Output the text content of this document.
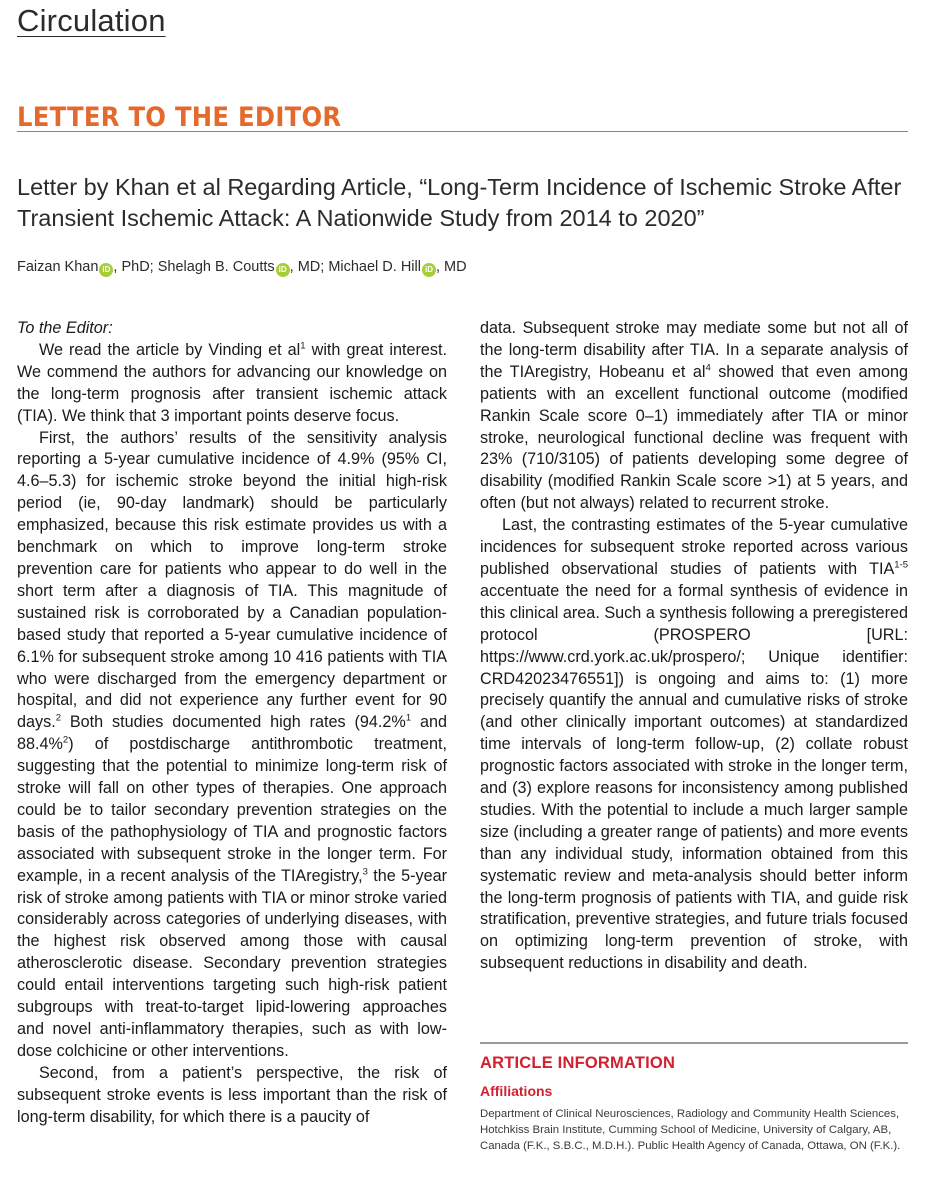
Circulation
LETTER TO THE EDITOR
Letter by Khan et al Regarding Article, “Long-Term Incidence of Ischemic Stroke After Transient Ischemic Attack: A Nationwide Study from 2014 to 2020”
Faizan Khan iD , PhD; Shelagh B. Coutts iD , MD; Michael D. Hill iD , MD

To the Editor:

We read the article by Vinding et $al^1$ with great interest. We commend the authors for advancing our knowledge on the long-term prognosis after transient ischemic attack (TIA). We think that 3 important points deserve focus.

First, the authors’ results of the sensitivity analysis reporting a 5-year cumulative incidence of 4.9% (95% CI, 4.6–5.3) for ischemic stroke beyond the initial high-risk period (ie, 90-day landmark) should be particularly emphasized, because this risk estimate provides us with a benchmark on which to improve long-term stroke prevention care for patients who appear to do well in the short term after a diagnosis of TIA. This magnitude of sustained risk is corroborated by a Canadian population-based study that reported a 5-year cumulative incidence of 6.1% for subsequent stroke among 10 416 patients with TIA who were discharged from the emergency department or hospital, and did not experience any further event for 90 days.$^2$ Both studies documented high rates (94.2%$^1$ and 88.4%$^2$) of postdischarge antithrombotic treatment, suggesting that the potential to minimize long-term risk of stroke will fall on other types of therapies. One approach could be to tailor secondary prevention strategies on the basis of the pathophysiology of TIA and prognostic factors associated with subsequent stroke in the longer term. For example, in a recent analysis of the TIAregistry,$^3$ the 5-year risk of stroke among patients with TIA or minor stroke varied considerably across categories of underlying diseases, with the highest risk observed among those with causal atherosclerotic disease. Secondary prevention strategies could entail interventions targeting such high-risk patient subgroups with treat-to-target lipid-lowering approaches and novel anti-inflammatory therapies, such as with low-dose colchicine or other interventions.

Second, from a patient’s perspective, the risk of subsequent stroke events is less important than the risk of long-term disability, for which there is a paucity of

data. Subsequent stroke may mediate some but not all of the long-term disability after TIA. In a separate analysis of the TIAregistry, Hobeanu et $al^4$ showed that even among patients with an excellent functional outcome (modified Rankin Scale score 0–1) immediately after TIA or minor stroke, neurological functional decline was frequent with 23% (710/3105) of patients developing some degree of disability (modified Rankin Scale score >1) at 5 years, and often (but not always) related to recurrent stroke.

Last, the contrasting estimates of the 5-year cumulative incidences for subsequent stroke reported across various published observational studies of patients with TIA$^{1-5}$ accentuate the need for a formal synthesis of evidence in this clinical area. Such a synthesis following a preregistered protocol (PROSPERO [URL: https://www.crd.york.ac.uk/prospero/; Unique identifier: CRD42023476551]) is ongoing and aims to: (1) more precisely quantify the annual and cumulative risks of stroke (and other clinically important outcomes) at standardized time intervals of long-term follow-up, (2) collate robust prognostic factors associated with stroke in the longer term, and (3) explore reasons for inconsistency among published studies. With the potential to include a much larger sample size (including a greater range of patients) and more events than any individual study, information obtained from this systematic review and meta-analysis should better inform the long-term prognosis of patients with TIA, and guide risk stratification, preventive strategies, and future trials focused on optimizing long-term prevention of stroke, with subsequent reductions in disability and death.

ARTICLE INFORMATION
Affiliations
Department of Clinical Neurosciences, Radiology and Community Health Sciences, Hotchkiss Brain Institute, Cumming School of Medicine, University of Calgary, AB, Canada (F.K., S.B.C., M.D.H.). Public Health Agency of Canada, Ottawa, ON (F.K.).
